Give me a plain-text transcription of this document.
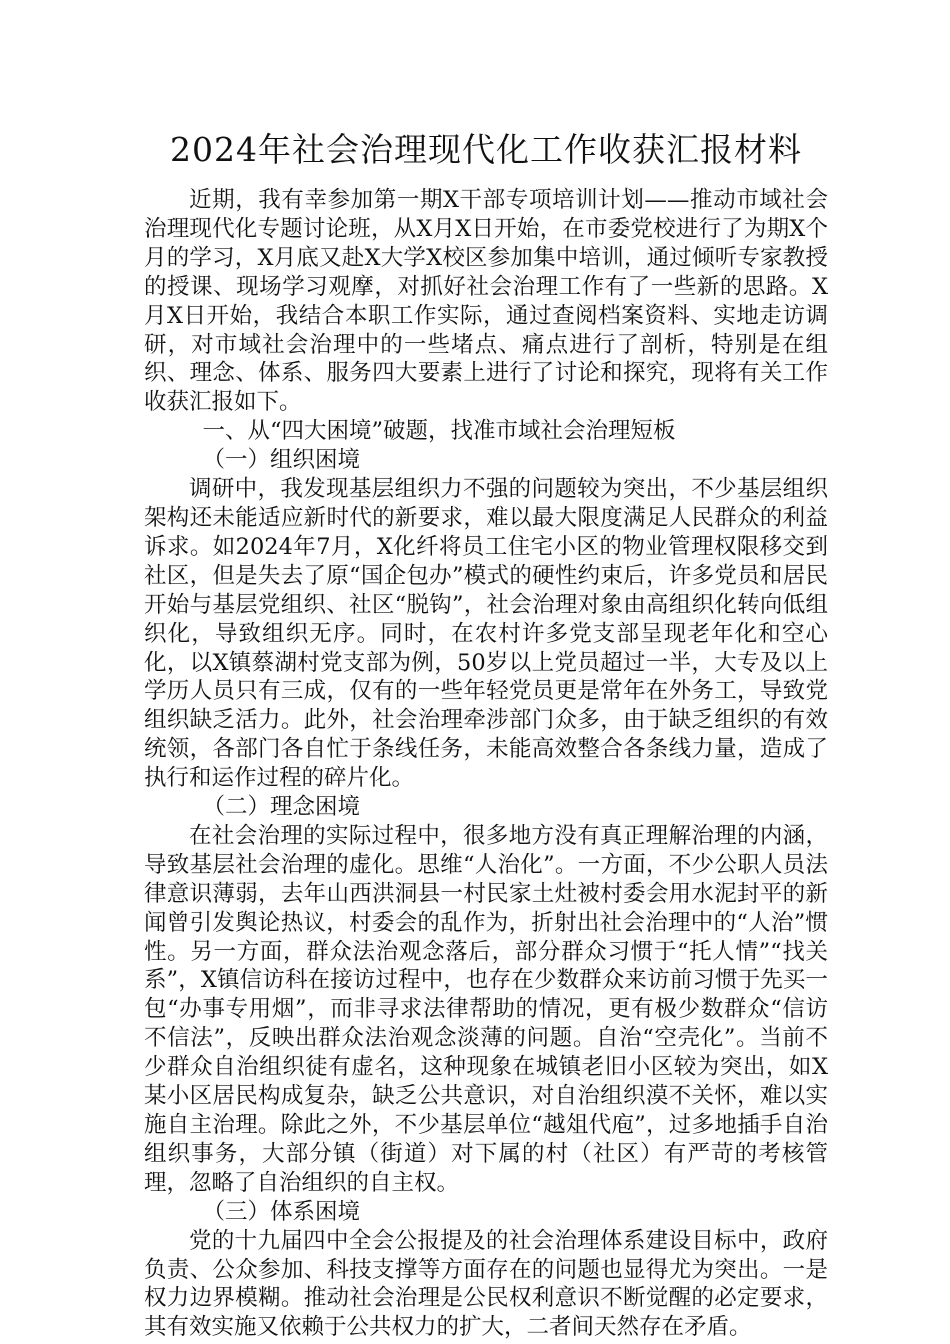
2024年社会治理现代化工作收获汇报材料

近期，我有幸参加第一期X干部专项培训计划——推动市域社会治理现代化专题讨论班，从X月X日开始，在市委党校进行了为期X个月的学习，X月底又赴X大学X校区参加集中培训，通过倾听专家教授的授课、现场学习观摩，对抓好社会治理工作有了一些新的思路。X月X日开始，我结合本职工作实际，通过查阅档案资料、实地走访调研，对市域社会治理中的一些堵点、痛点进行了剖析，特别是在组织、理念、体系、服务四大要素上进行了讨论和探究，现将有关工作收获汇报如下。

一、从“四大困境”破题，找准市域社会治理短板

（一）组织困境

调研中，我发现基层组织力不强的问题较为突出，不少基层组织架构还未能适应新时代的新要求，难以最大限度满足人民群众的利益诉求。如2024年7月，X化纤将员工住宅小区的物业管理权限移交到社区，但是失去了原“国企包办”模式的硬性约束后，许多党员和居民开始与基层党组织、社区“脱钩”，社会治理对象由高组织化转向低组织化，导致组织无序。同时，在农村许多党支部呈现老年化和空心化，以X镇蔡湖村党支部为例，50岁以上党员超过一半，大专及以上学历人员只有三成，仅有的一些年轻党员更是常年在外务工，导致党组织缺乏活力。此外，社会治理牵涉部门众多，由于缺乏组织的有效统领，各部门各自忙于条线任务，未能高效整合各条线力量，造成了执行和运作过程的碎片化。

（二）理念困境

在社会治理的实际过程中，很多地方没有真正理解治理的内涵，导致基层社会治理的虚化。思维“人治化”。一方面，不少公职人员法律意识薄弱，去年山西洪洞县一村民家土灶被村委会用水泥封平的新闻曾引发舆论热议，村委会的乱作为，折射出社会治理中的“人治”惯性。另一方面，群众法治观念落后，部分群众习惯于“托人情”“找关系”，X镇信访科在接访过程中，也存在少数群众来访前习惯于先买一包“办事专用烟”，而非寻求法律帮助的情况，更有极少数群众“信访不信法”，反映出群众法治观念淡薄的问题。自治“空壳化”。当前不少群众自治组织徒有虚名，这种现象在城镇老旧小区较为突出，如X某小区居民构成复杂，缺乏公共意识，对自治组织漠不关怀，难以实施自主治理。除此之外，不少基层单位“越俎代庖”，过多地插手自治组织事务，大部分镇（街道）对下属的村（社区）有严苛的考核管理，忽略了自治组织的自主权。

（三）体系困境

党的十九届四中全会公报提及的社会治理体系建设目标中，政府负责、公众参加、科技支撑等方面存在的问题也显得尤为突出。一是权力边界模糊。推动社会治理是公民权利意识不断觉醒的必定要求，其有效实施又依赖于公共权力的扩大，二者间天然存在矛盾。
